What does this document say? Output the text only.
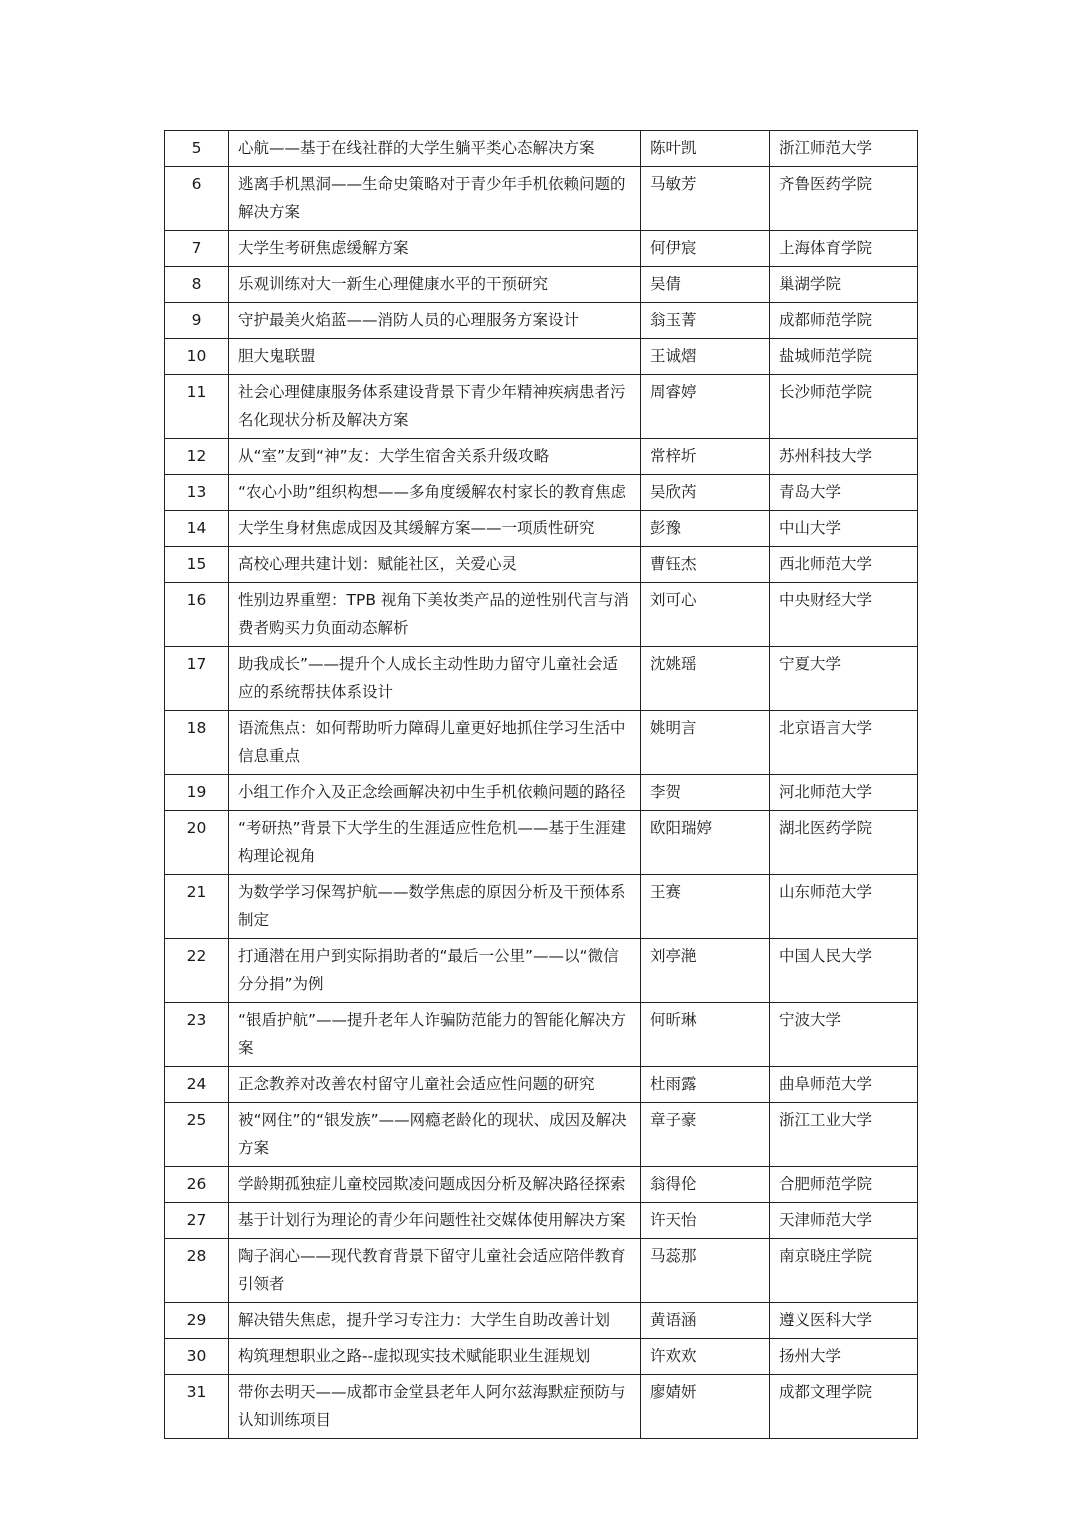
5	心航——基于在线社群的大学生躺平类心态解决方案	陈叶凯	浙江师范大学
6	逃离手机黑洞——生命史策略对于青少年手机依赖问题的解决方案	马敏芳	齐鲁医药学院
7	大学生考研焦虑缓解方案	何伊宸	上海体育学院
8	乐观训练对大一新生心理健康水平的干预研究	吴倩	巢湖学院
9	守护最美火焰蓝——消防人员的心理服务方案设计	翁玉菁	成都师范学院
10	胆大鬼联盟	王诚熠	盐城师范学院
11	社会心理健康服务体系建设背景下青少年精神疾病患者污名化现状分析及解决方案	周睿婷	长沙师范学院
12	从“室”友到“神”友：大学生宿舍关系升级攻略	常梓圻	苏州科技大学
13	“农心小助”组织构想——多角度缓解农村家长的教育焦虑	吴欣芮	青岛大学
14	大学生身材焦虑成因及其缓解方案——一项质性研究	彭豫	中山大学
15	高校心理共建计划：赋能社区，关爱心灵	曹钰杰	西北师范大学
16	性别边界重塑：TPB 视角下美妆类产品的逆性别代言与消费者购买力负面动态解析	刘可心	中央财经大学
17	助我成长”——提升个人成长主动性助力留守儿童社会适应的系统帮扶体系设计	沈姚瑶	宁夏大学
18	语流焦点：如何帮助听力障碍儿童更好地抓住学习生活中信息重点	姚明言	北京语言大学
19	小组工作介入及正念绘画解决初中生手机依赖问题的路径	李贺	河北师范大学
20	“考研热”背景下大学生的生涯适应性危机——基于生涯建构理论视角	欧阳瑞婷	湖北医药学院
21	为数学学习保驾护航——数学焦虑的原因分析及干预体系制定	王赛	山东师范大学
22	打通潜在用户到实际捐助者的“最后一公里”——以“微信分分捐”为例	刘亭滟	中国人民大学
23	“银盾护航”——提升老年人诈骗防范能力的智能化解决方案	何昕琳	宁波大学
24	正念教养对改善农村留守儿童社会适应性问题的研究	杜雨露	曲阜师范大学
25	被“网住”的“银发族”——网瘾老龄化的现状、成因及解决方案	章子豪	浙江工业大学
26	学龄期孤独症儿童校园欺凌问题成因分析及解决路径探索	翁得伦	合肥师范学院
27	基于计划行为理论的青少年问题性社交媒体使用解决方案	许天怡	天津师范大学
28	陶子润心——现代教育背景下留守儿童社会适应陪伴教育引领者	马蕊那	南京晓庄学院
29	解决错失焦虑，提升学习专注力：大学生自助改善计划	黄语涵	遵义医科大学
30	构筑理想职业之路--虚拟现实技术赋能职业生涯规划	许欢欢	扬州大学
31	带你去明天——成都市金堂县老年人阿尔兹海默症预防与认知训练项目	廖婧妍	成都文理学院
